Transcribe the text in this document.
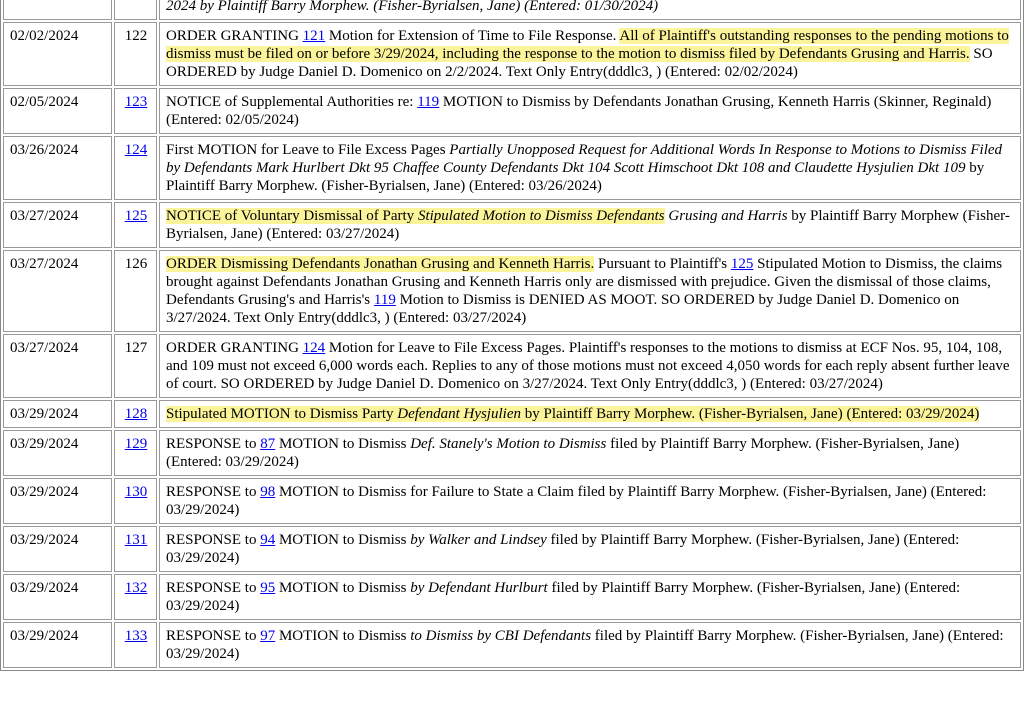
		2024 by Plaintiff Barry Morphew. (Fisher-Byrialsen, Jane) (Entered: 01/30/2024)
02/02/2024	122	ORDER GRANTING 121 Motion for Extension of Time to File Response. All of Plaintiff's outstanding responses to the pending motions to dismiss must be filed on or before 3/29/2024, including the response to the motion to dismiss filed by Defendants Grusing and Harris. SO ORDERED by Judge Daniel D. Domenico on 2/2/2024. Text Only Entry(dddlc3, ) (Entered: 02/02/2024)
02/05/2024	123	NOTICE of Supplemental Authorities re: 119 MOTION to Dismiss by Defendants Jonathan Grusing, Kenneth Harris (Skinner, Reginald) (Entered: 02/05/2024)
03/26/2024	124	First MOTION for Leave to File Excess Pages Partially Unopposed Request for Additional Words In Response to Motions to Dismiss Filed by Defendants Mark Hurlbert Dkt 95 Chaffee County Defendants Dkt 104 Scott Himschoot Dkt 108 and Claudette Hysjulien Dkt 109 by Plaintiff Barry Morphew. (Fisher-Byrialsen, Jane) (Entered: 03/26/2024)
03/27/2024	125	NOTICE of Voluntary Dismissal of Party Stipulated Motion to Dismiss Defendants Grusing and Harris by Plaintiff Barry Morphew (Fisher-Byrialsen, Jane) (Entered: 03/27/2024)
03/27/2024	126	ORDER Dismissing Defendants Jonathan Grusing and Kenneth Harris. Pursuant to Plaintiff's 125 Stipulated Motion to Dismiss, the claims brought against Defendants Jonathan Grusing and Kenneth Harris only are dismissed with prejudice. Given the dismissal of those claims, Defendants Grusing's and Harris's 119 Motion to Dismiss is DENIED AS MOOT. SO ORDERED by Judge Daniel D. Domenico on 3/27/2024. Text Only Entry(dddlc3, ) (Entered: 03/27/2024)
03/27/2024	127	ORDER GRANTING 124 Motion for Leave to File Excess Pages. Plaintiff's responses to the motions to dismiss at ECF Nos. 95, 104, 108, and 109 must not exceed 6,000 words each. Replies to any of those motions must not exceed 4,050 words for each reply absent further leave of court. SO ORDERED by Judge Daniel D. Domenico on 3/27/2024. Text Only Entry(dddlc3, ) (Entered: 03/27/2024)
03/29/2024	128	Stipulated MOTION to Dismiss Party Defendant Hysjulien by Plaintiff Barry Morphew. (Fisher-Byrialsen, Jane) (Entered: 03/29/2024)
03/29/2024	129	RESPONSE to 87 MOTION to Dismiss Def. Stanely's Motion to Dismiss filed by Plaintiff Barry Morphew. (Fisher-Byrialsen, Jane) (Entered: 03/29/2024)
03/29/2024	130	RESPONSE to 98 MOTION to Dismiss for Failure to State a Claim filed by Plaintiff Barry Morphew. (Fisher-Byrialsen, Jane) (Entered: 03/29/2024)
03/29/2024	131	RESPONSE to 94 MOTION to Dismiss by Walker and Lindsey filed by Plaintiff Barry Morphew. (Fisher-Byrialsen, Jane) (Entered: 03/29/2024)
03/29/2024	132	RESPONSE to 95 MOTION to Dismiss by Defendant Hurlburt filed by Plaintiff Barry Morphew. (Fisher-Byrialsen, Jane) (Entered: 03/29/2024)
03/29/2024	133	RESPONSE to 97 MOTION to Dismiss to Dismiss by CBI Defendants filed by Plaintiff Barry Morphew. (Fisher-Byrialsen, Jane) (Entered: 03/29/2024)
